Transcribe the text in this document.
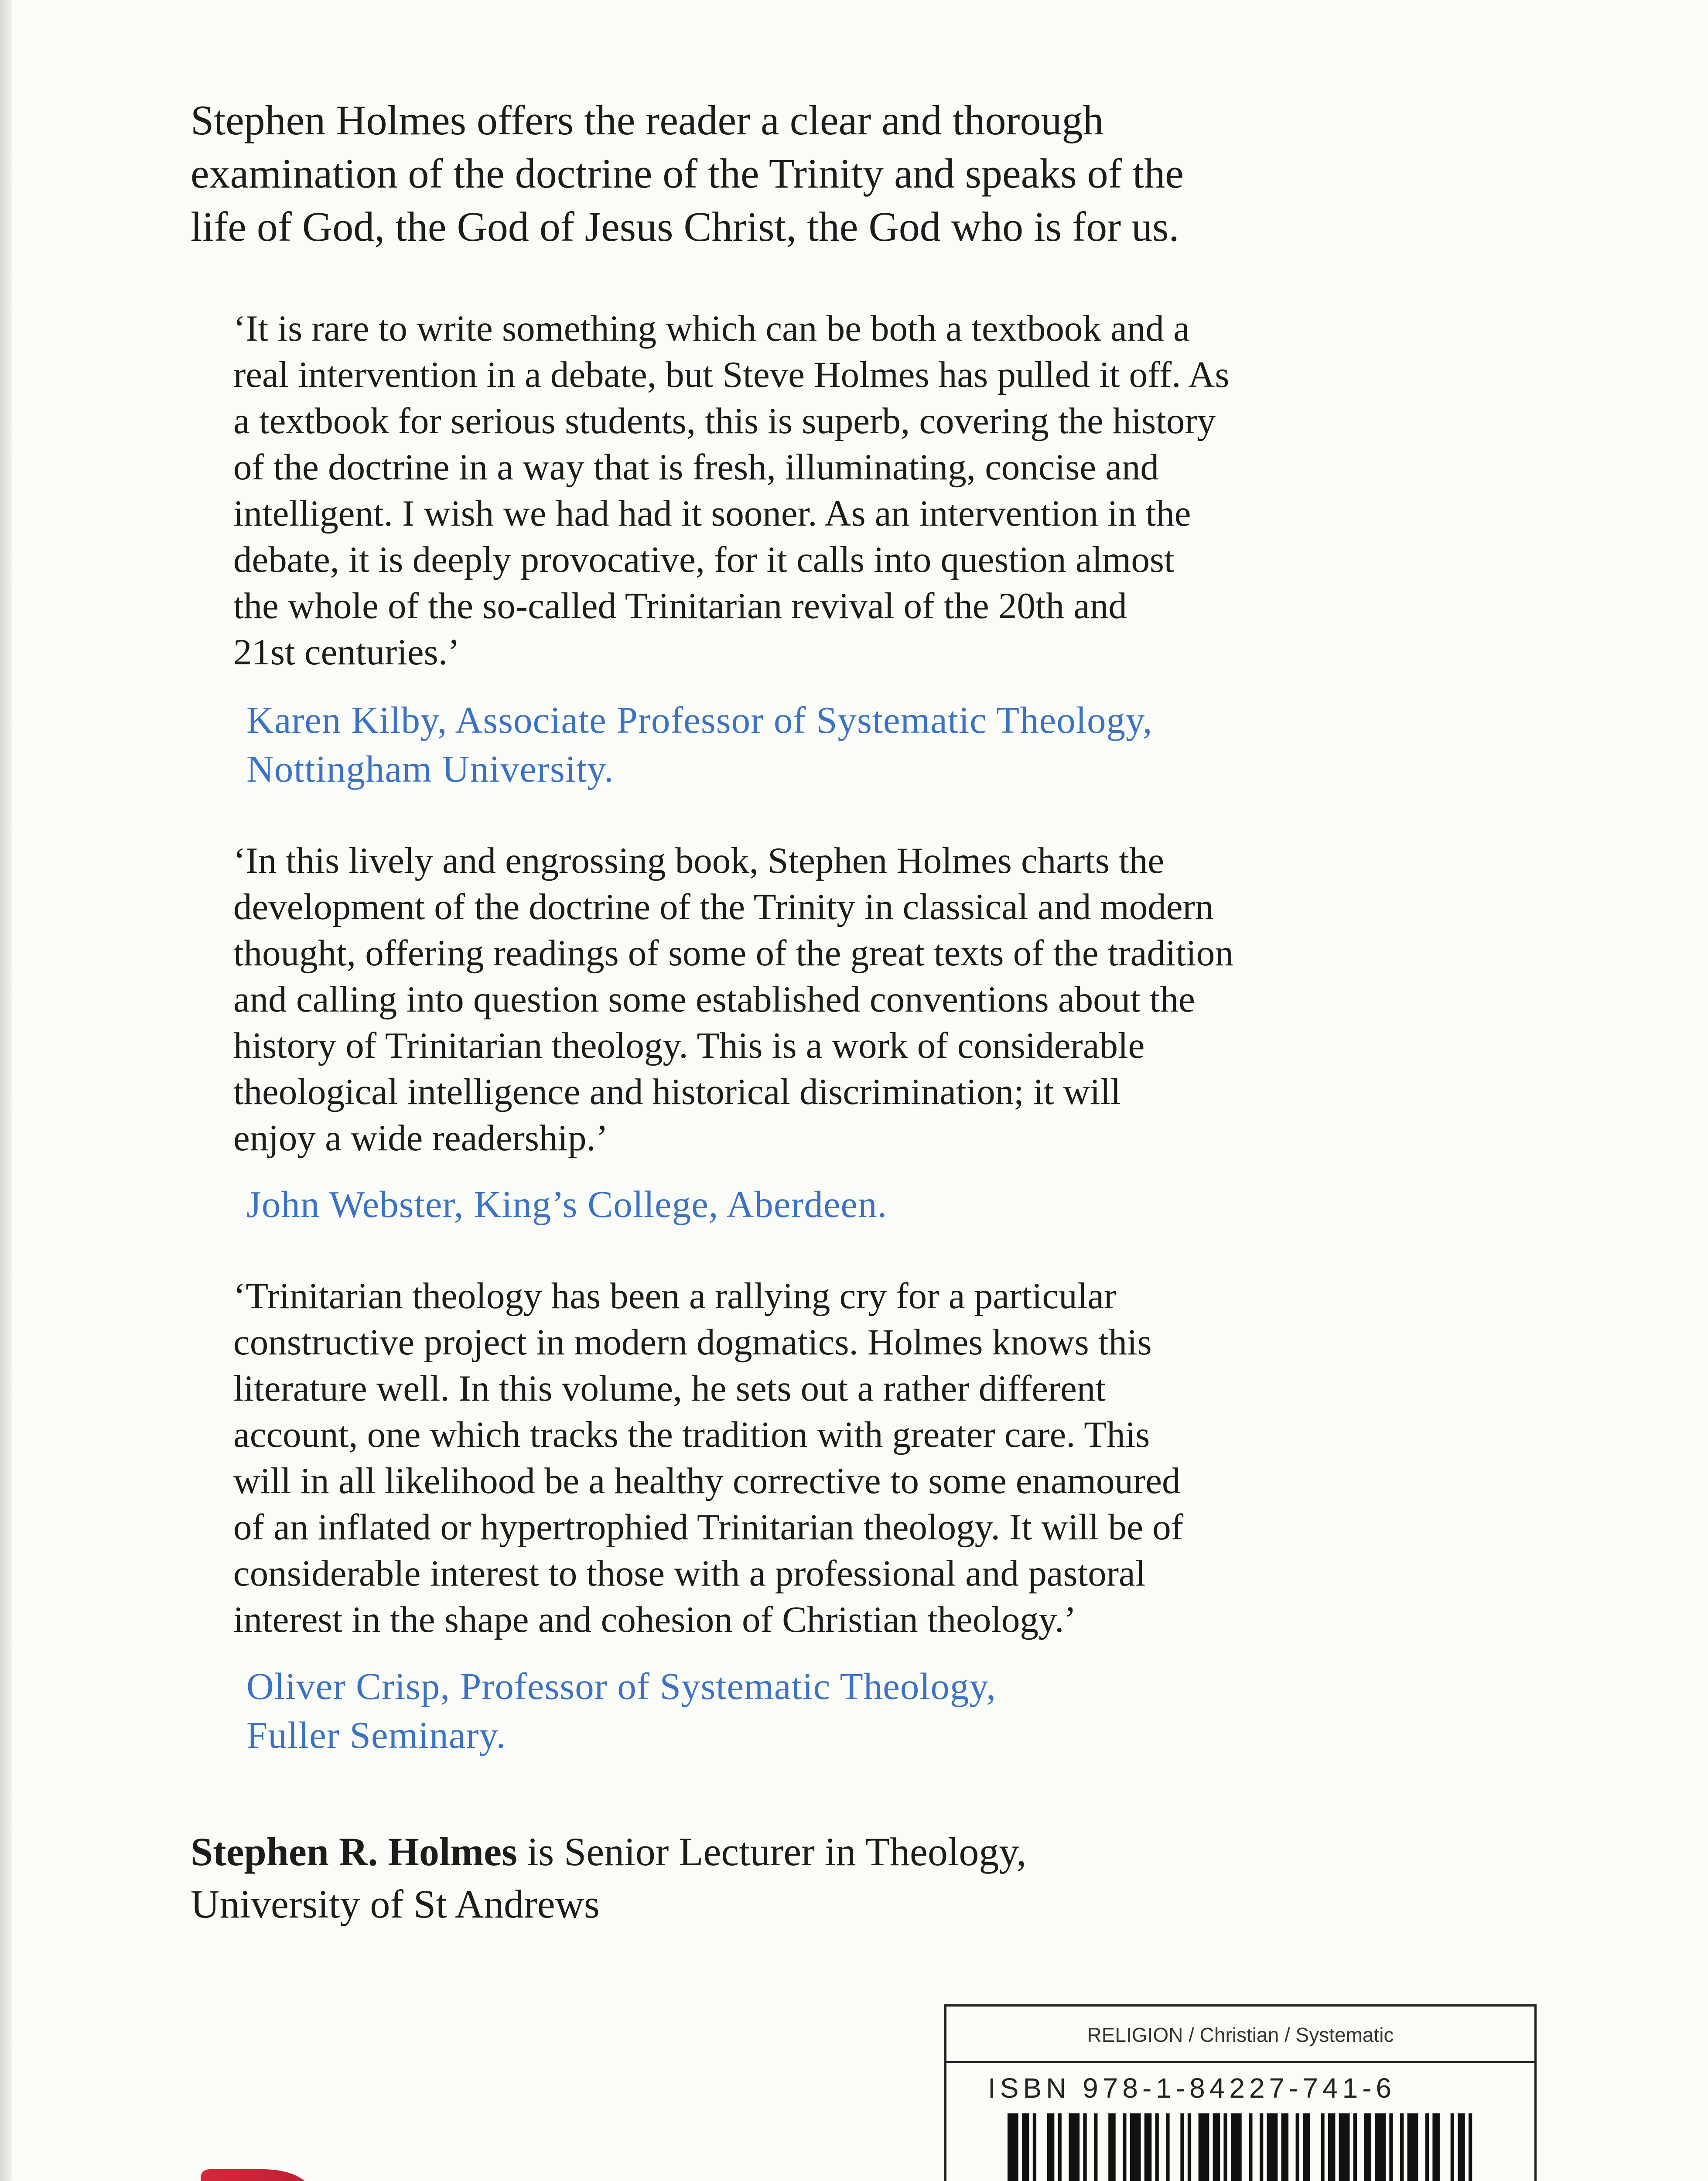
Stephen Holmes offers the reader a clear and thorough
examination of the doctrine of the Trinity and speaks of the
life of God, the God of Jesus Christ, the God who is for us.

‘It is rare to write something which can be both a textbook and a
real intervention in a debate, but Steve Holmes has pulled it off. As
a textbook for serious students, this is superb, covering the history
of the doctrine in a way that is fresh, illuminating, concise and
intelligent. I wish we had had it sooner. As an intervention in the
debate, it is deeply provocative, for it calls into question almost
the whole of the so-called Trinitarian revival of the 20th and
21st centuries.’

Karen Kilby, Associate Professor of Systematic Theology,
Nottingham University.

‘In this lively and engrossing book, Stephen Holmes charts the
development of the doctrine of the Trinity in classical and modern
thought, offering readings of some of the great texts of the tradition
and calling into question some established conventions about the
history of Trinitarian theology. This is a work of considerable
theological intelligence and historical discrimination; it will
enjoy a wide readership.’

John Webster, King’s College, Aberdeen.

‘Trinitarian theology has been a rallying cry for a particular
constructive project in modern dogmatics. Holmes knows this
literature well. In this volume, he sets out a rather different
account, one which tracks the tradition with greater care. This
will in all likelihood be a healthy corrective to some enamoured
of an inflated or hypertrophied Trinitarian theology. It will be of
considerable interest to those with a professional and pastoral
interest in the shape and cohesion of Christian theology.’

Oliver Crisp, Professor of Systematic Theology,
Fuller Seminary.

Stephen R. Holmes is Senior Lecturer in Theology,
University of St Andrews

RELIGION / Christian / Systematic
ISBN 978-1-84227-741-6
